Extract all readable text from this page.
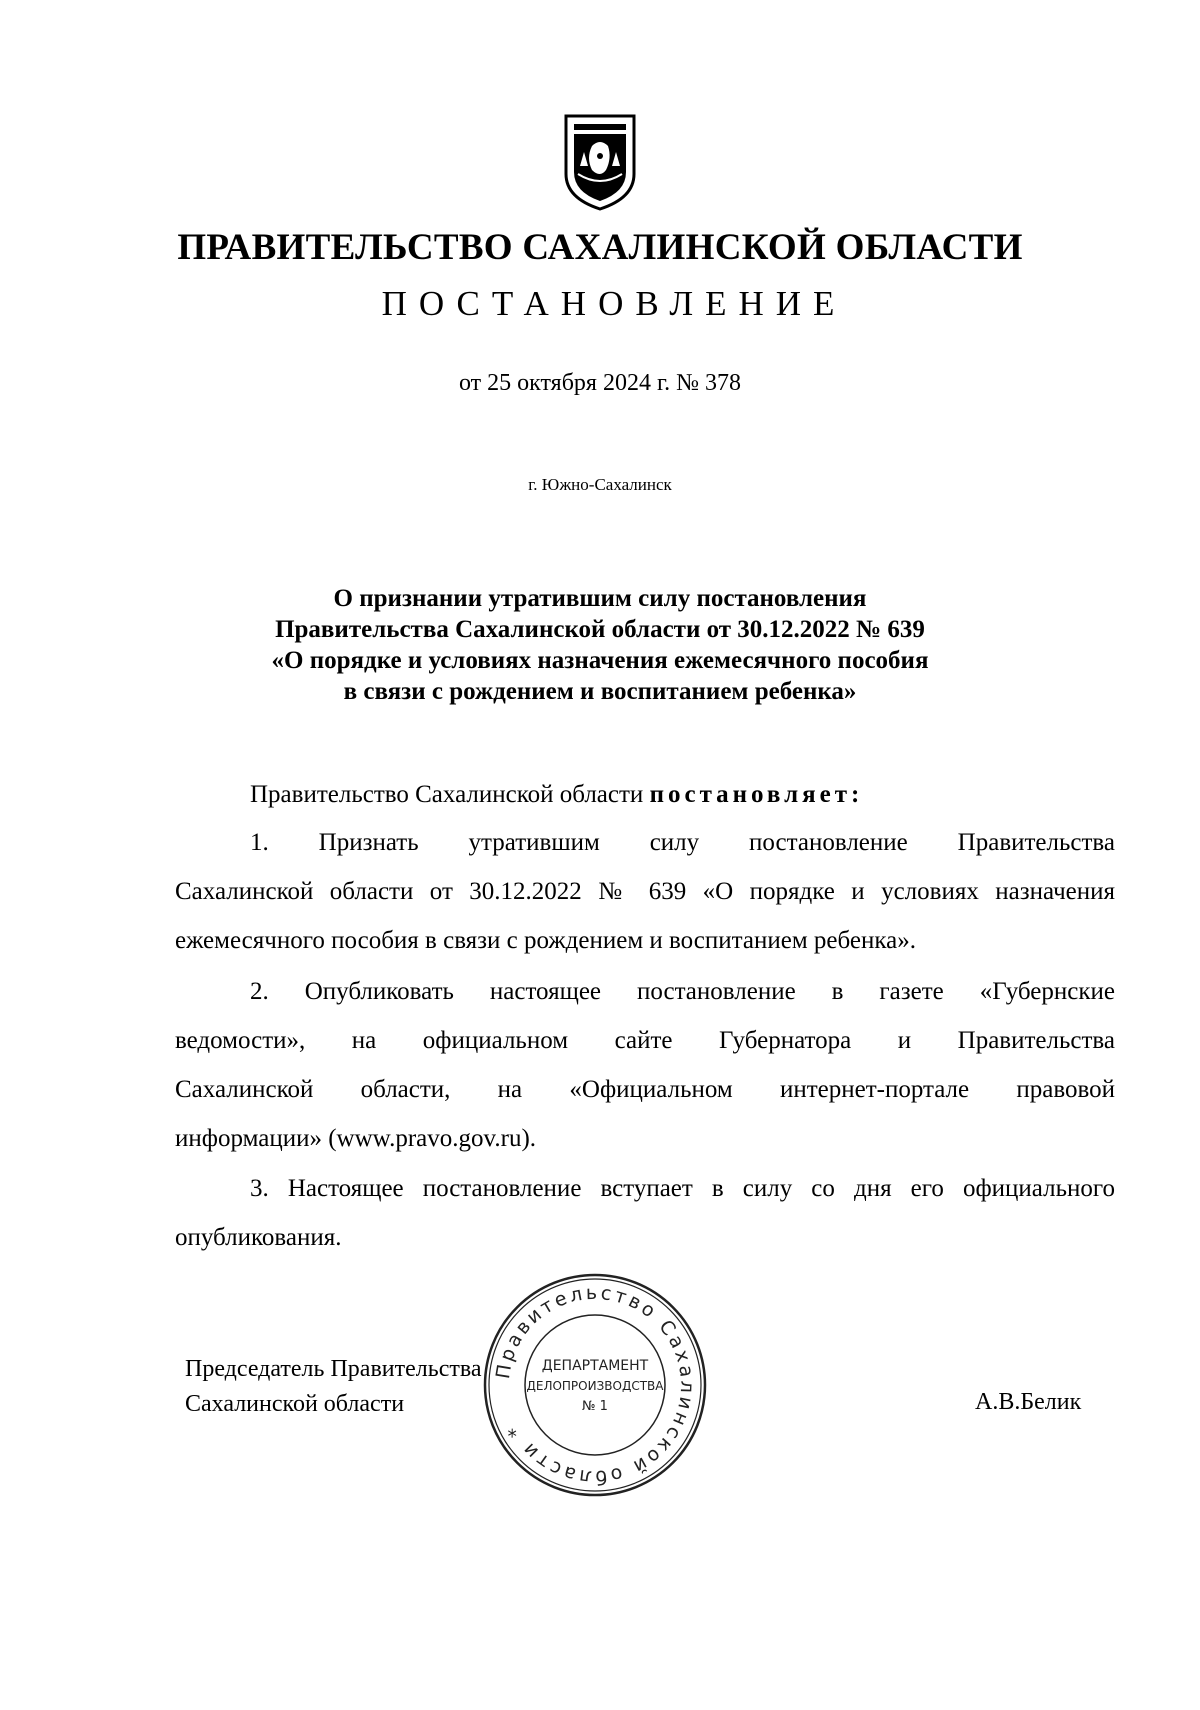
ПРАВИТЕЛЬСТВО САХАЛИНСКОЙ ОБЛАСТИ
ПОСТАНОВЛЕНИЕ
от 25 октября 2024 г. № 378
г. Южно-Сахалинск
О признании утратившим силу постановления
Правительства Сахалинской области от 30.12.2022 № 639
«О порядке и условиях назначения ежемесячного пособия
в связи с рождением и воспитанием ребенка»
Правительство Сахалинской области постановляет:
1. Признать утратившим силу постановление Правительства
Сахалинской области от 30.12.2022 № 639 «О порядке и условиях назначения
ежемесячного пособия в связи с рождением и воспитанием ребенка».
2. Опубликовать настоящее постановление в газете «Губернские
ведомости», на официальном сайте Губернатора и Правительства
Сахалинской области, на «Официальном интернет-портале правовой
информации» (www.pravo.gov.ru).
3. Настоящее постановление вступает в силу со дня его официального
опубликования.
Правительство Сахалинской области *
ДЕПАРТАМЕНТ
ДЕЛОПРОИЗВОДСТВА
№ 1
Председатель Правительства
Сахалинской области	А.В.Белик
